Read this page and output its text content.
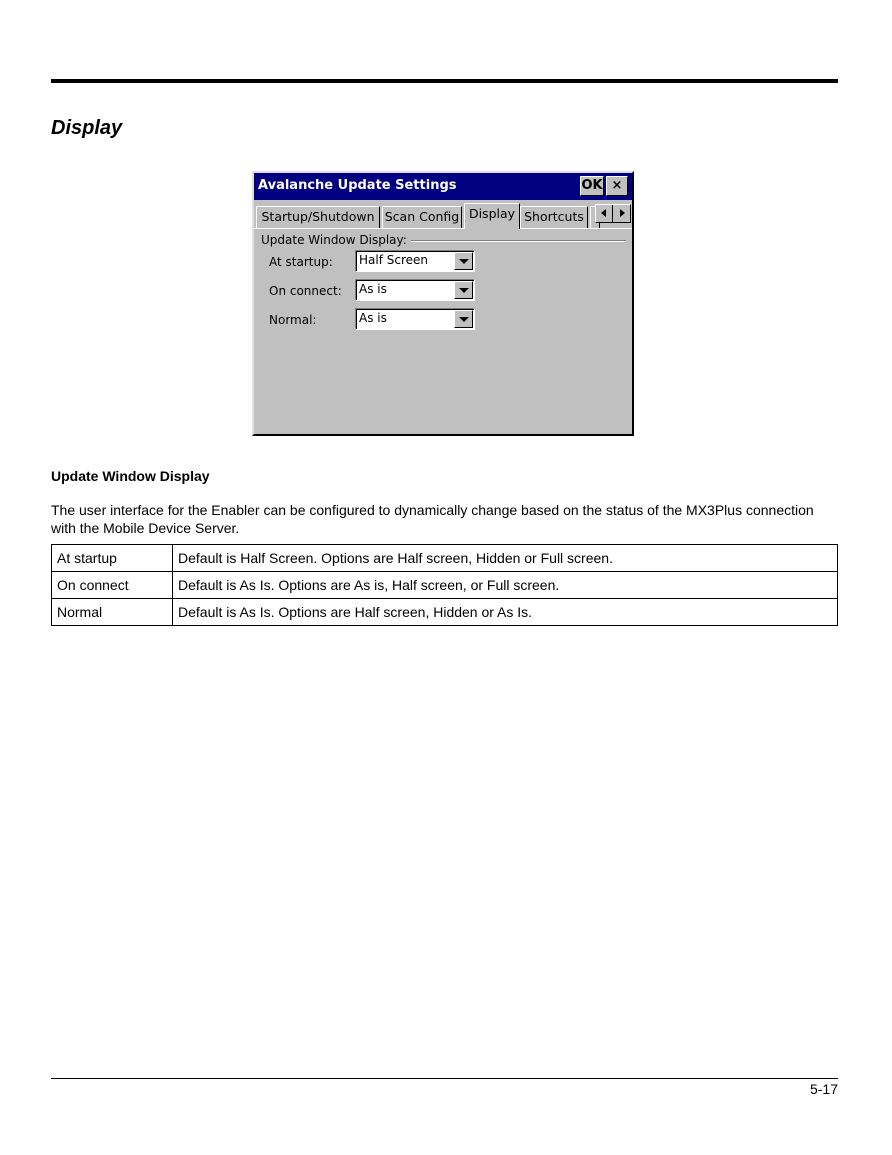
Display
Avalanche Update Settings	OK ×
Startup/Shutdown Scan Config Display Shortcuts
Update Window Display:
At startup: Half Screen
On connect: As is
Normal:	As is
Update Window Display
The user interface for the Enabler can be configured to dynamically change based on the status of the MX3Plus connection with the Mobile Device Server.
At startup	Default is Half Screen. Options are Half screen, Hidden or Full screen.
On connect	Default is As Is. Options are As is, Half screen, or Full screen.
Normal	Default is As Is. Options are Half screen, Hidden or As Is.
5-17
